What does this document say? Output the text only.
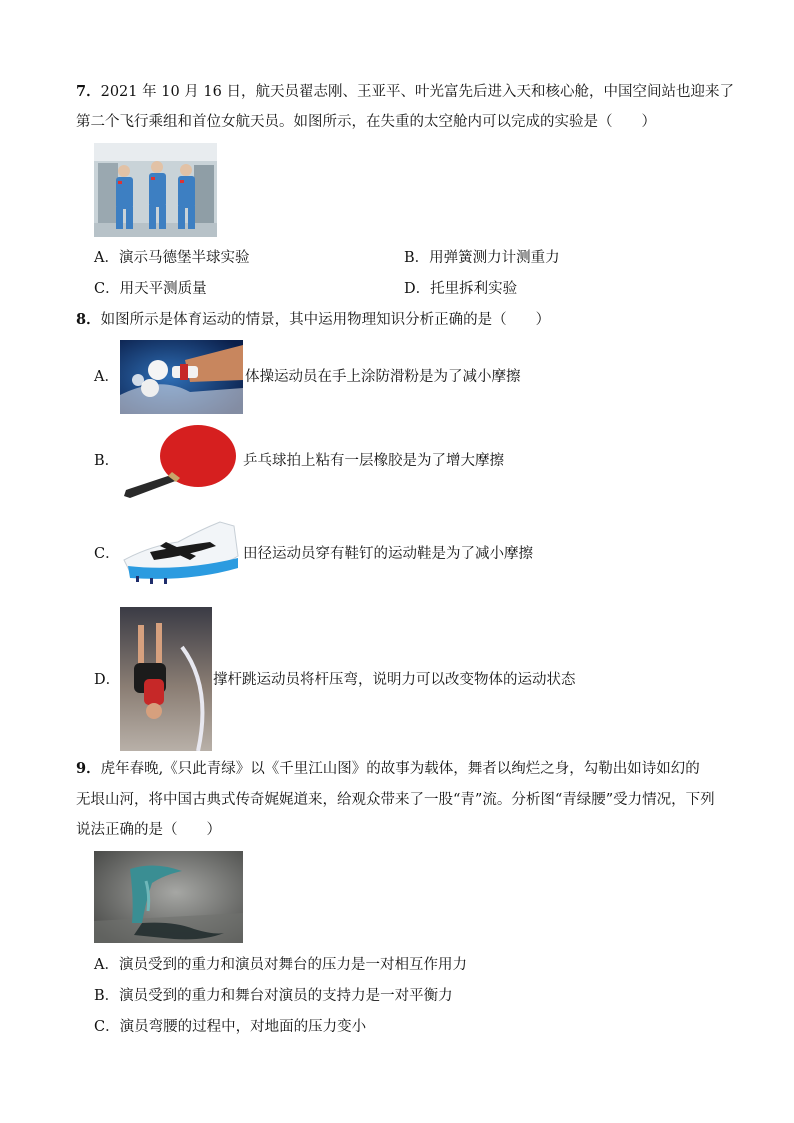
7．2021 年 10 月 16 日，航天员翟志刚、王亚平、叶光富先后进入天和核心舱，中国空间站也迎来了
第二个飞行乘组和首位女航天员。如图所示，在失重的太空舱内可以完成的实验是（　　）
A．演示马德堡半球实验	B．用弹簧测力计测重力
C．用天平测质量	D．托里拆利实验
8．如图所示是体育运动的情景，其中运用物理知识分析正确的是（　　）
A．	体操运动员在手上涂防滑粉是为了减小摩擦
B．	乒乓球拍上粘有一层橡胶是为了增大摩擦
C．	田径运动员穿有鞋钉的运动鞋是为了减小摩擦
D．	撑杆跳运动员将杆压弯，说明力可以改变物体的运动状态
9．虎年春晚,《只此青绿》以《千里江山图》的故事为载体，舞者以绚烂之身，勾勒出如诗如幻的
无垠山河，将中国古典式传奇娓娓道来，给观众带来了一股“青”流。分析图“青绿腰”受力情况，下列
说法正确的是（　　）
A．演员受到的重力和演员对舞台的压力是一对相互作用力
B．演员受到的重力和舞台对演员的支持力是一对平衡力
C．演员弯腰的过程中，对地面的压力变小
